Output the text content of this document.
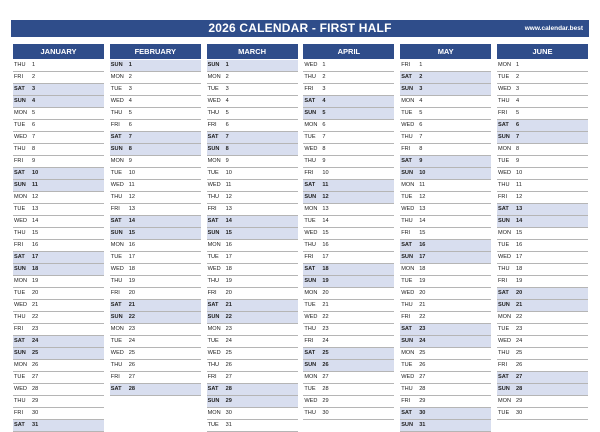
2026 CALENDAR - FIRST HALF	www.calendar.best
JANUARY
THU 1
FRI 2
SAT 3
SUN 4
MON 5
TUE 6
WED 7
THU 8
FRI 9
SAT 10
SUN 11
MON 12
TUE 13
WED 14
THU 15
FRI 16
SAT 17
SUN 18
MON 19
TUE 20
WED 21
THU 22
FRI 23
SAT 24
SUN 25
MON 26
TUE 27
WED 28
THU 29
FRI 30
SAT 31
FEBRUARY
SUN 1
MON 2
TUE 3
WED 4
THU 5
FRI 6
SAT 7
SUN 8
MON 9
TUE 10
WED 11
THU 12
FRI 13
SAT 14
SUN 15
MON 16
TUE 17
WED 18
THU 19
FRI 20
SAT 21
SUN 22
MON 23
TUE 24
WED 25
THU 26
FRI 27
SAT 28
MARCH
SUN 1
MON 2
TUE 3
WED 4
THU 5
FRI 6
SAT 7
SUN 8
MON 9
TUE 10
WED 11
THU 12
FRI 13
SAT 14
SUN 15
MON 16
TUE 17
WED 18
THU 19
FRI 20
SAT 21
SUN 22
MON 23
TUE 24
WED 25
THU 26
FRI 27
SAT 28
SUN 29
MON 30
TUE 31
APRIL
WED 1
THU 2
FRI 3
SAT 4
SUN 5
MON 6
TUE 7
WED 8
THU 9
FRI 10
SAT 11
SUN 12
MON 13
TUE 14
WED 15
THU 16
FRI 17
SAT 18
SUN 19
MON 20
TUE 21
WED 22
THU 23
FRI 24
SAT 25
SUN 26
MON 27
TUE 28
WED 29
THU 30
MAY
FRI 1
SAT 2
SUN 3
MON 4
TUE 5
WED 6
THU 7
FRI 8
SAT 9
SUN 10
MON 11
TUE 12
WED 13
THU 14
FRI 15
SAT 16
SUN 17
MON 18
TUE 19
WED 20
THU 21
FRI 22
SAT 23
SUN 24
MON 25
TUE 26
WED 27
THU 28
FRI 29
SAT 30
SUN 31
JUNE
MON 1
TUE 2
WED 3
THU 4
FRI 5
SAT 6
SUN 7
MON 8
TUE 9
WED 10
THU 11
FRI 12
SAT 13
SUN 14
MON 15
TUE 16
WED 17
THU 18
FRI 19
SAT 20
SUN 21
MON 22
TUE 23
WED 24
THU 25
FRI 26
SAT 27
SUN 28
MON 29
TUE 30
